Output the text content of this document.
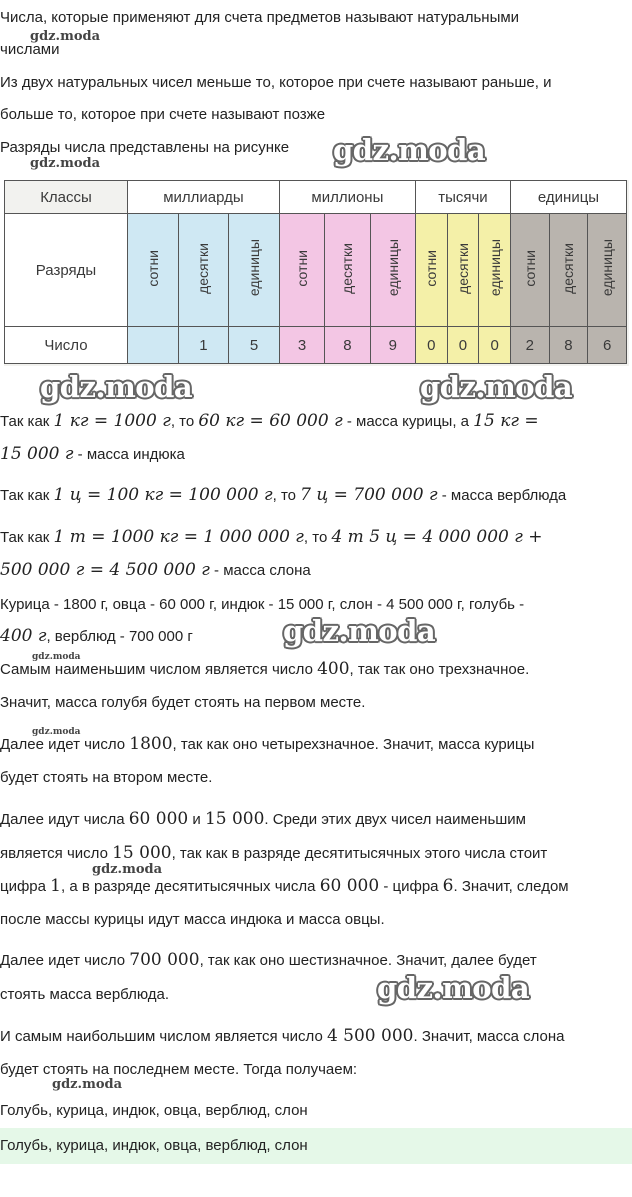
Числа, которые применяют для счета предметов называют натуральными
числами
gdz.moda
Из двух натуральных чисел меньше то, которое при счете называют раньше, и
больше то, которое при счете называют позже
Разряды числа представлены на рисунке	gdz.moda
gdz.moda
Классы	миллиарды			миллионы			тысячи			единицы		
Разряды	сотни	десятки	единицы	сотни	десятки	единицы	сотни	десятки	единицы	сотни	десятки	единицы
Число		1	5	3	8	9	0	0	0	2	8	6
gdz.moda	gdz.moda
Так как 1 кг = 1000 г, то 60 кг = 60 000 г - масса курицы, а 15 кг =
15 000 г - масса индюка
Так как 1 ц = 100 кг = 100 000 г, то 7 ц = 700 000 г - масса верблюда
Так как 1 т = 1000 кг = 1 000 000 г, то 4 т 5 ц = 4 000 000 г +
500 000 г = 4 500 000 г - масса слона
Курица - 1800 г, овца - 60 000 г, индюк - 15 000 г, слон - 4 500 000 г, голубь -
400 г, верблюд - 700 000 г	gdz.moda
gdz.moda
Самым наименьшим числом является число 400, так так оно трехзначное.
Значит, масса голубя будет стоять на первом месте.
gdz.moda
Далее идет число 1800, так как оно четырехзначное. Значит, масса курицы
будет стоять на втором месте.
Далее идут числа 60 000 и 15 000. Среди этих двух чисел наименьшим
является число 15 000, так как в разряде десятитысячных этого числа стоит
gdz.moda
цифра 1, а в разряде десятитысячных числа 60 000 - цифра 6. Значит, следом
после массы курицы идут масса индюка и масса овцы.
Далее идет число 700 000, так как оно шестизначное. Значит, далее будет
стоять масса верблюда.	gdz.moda
И самым наибольшим числом является число 4 500 000. Значит, масса слона
будет стоять на последнем месте. Тогда получаем:
gdz.moda
Голубь, курица, индюк, овца, верблюд, слон
Голубь, курица, индюк, овца, верблюд, слон
